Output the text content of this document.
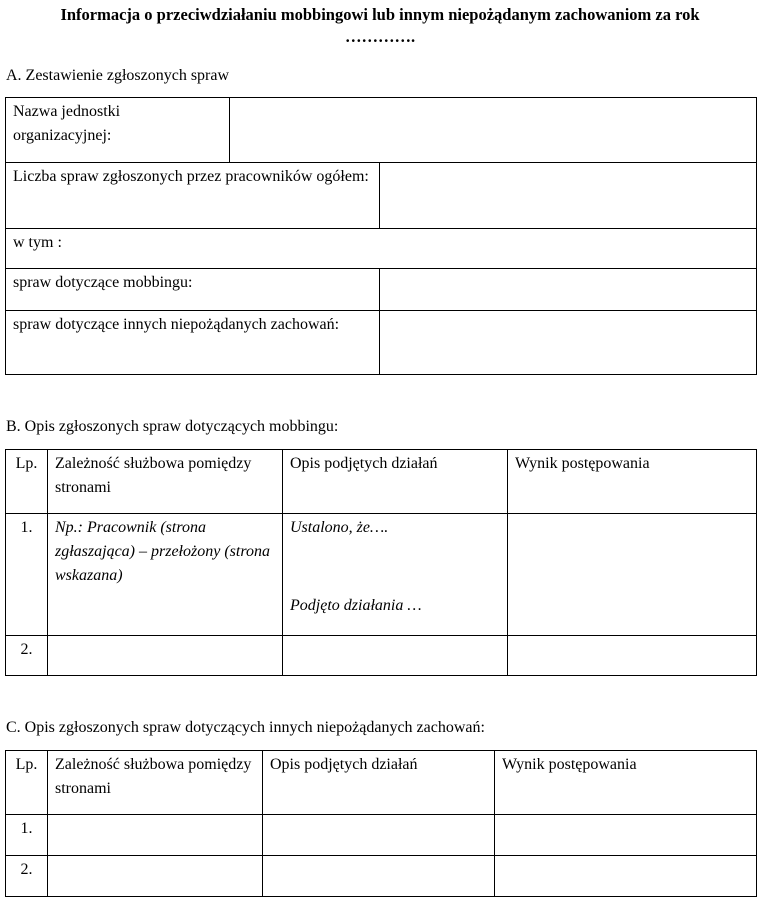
Informacja o przeciwdziałaniu mobbingowi lub innym niepożądanym zachowaniom za rok
………….
A. Zestawienie zgłoszonych spraw
Nazwa jednostki organizacyjnej:		

Liczba spraw zgłoszonych przez pracowników ogółem:		

w tym :		

spraw dotyczące mobbingu:		

spraw dotyczące innych niepożądanych zachowań:		

B. Opis zgłoszonych spraw dotyczących mobbingu:
Lp.	Zależność służbowa pomiędzy stronami	Opis podjętych działań	Wynik postępowania

1.	Np.: Pracownik (strona zgłaszająca) – przełożony (strona wskazana)	Ustalono, że….
Podjęto działania …	

2.			

C. Opis zgłoszonych spraw dotyczących innych niepożądanych zachowań:
Lp.	Zależność służbowa pomiędzy stronami	Opis podjętych działań	Wynik postępowania

1.			

2.			
